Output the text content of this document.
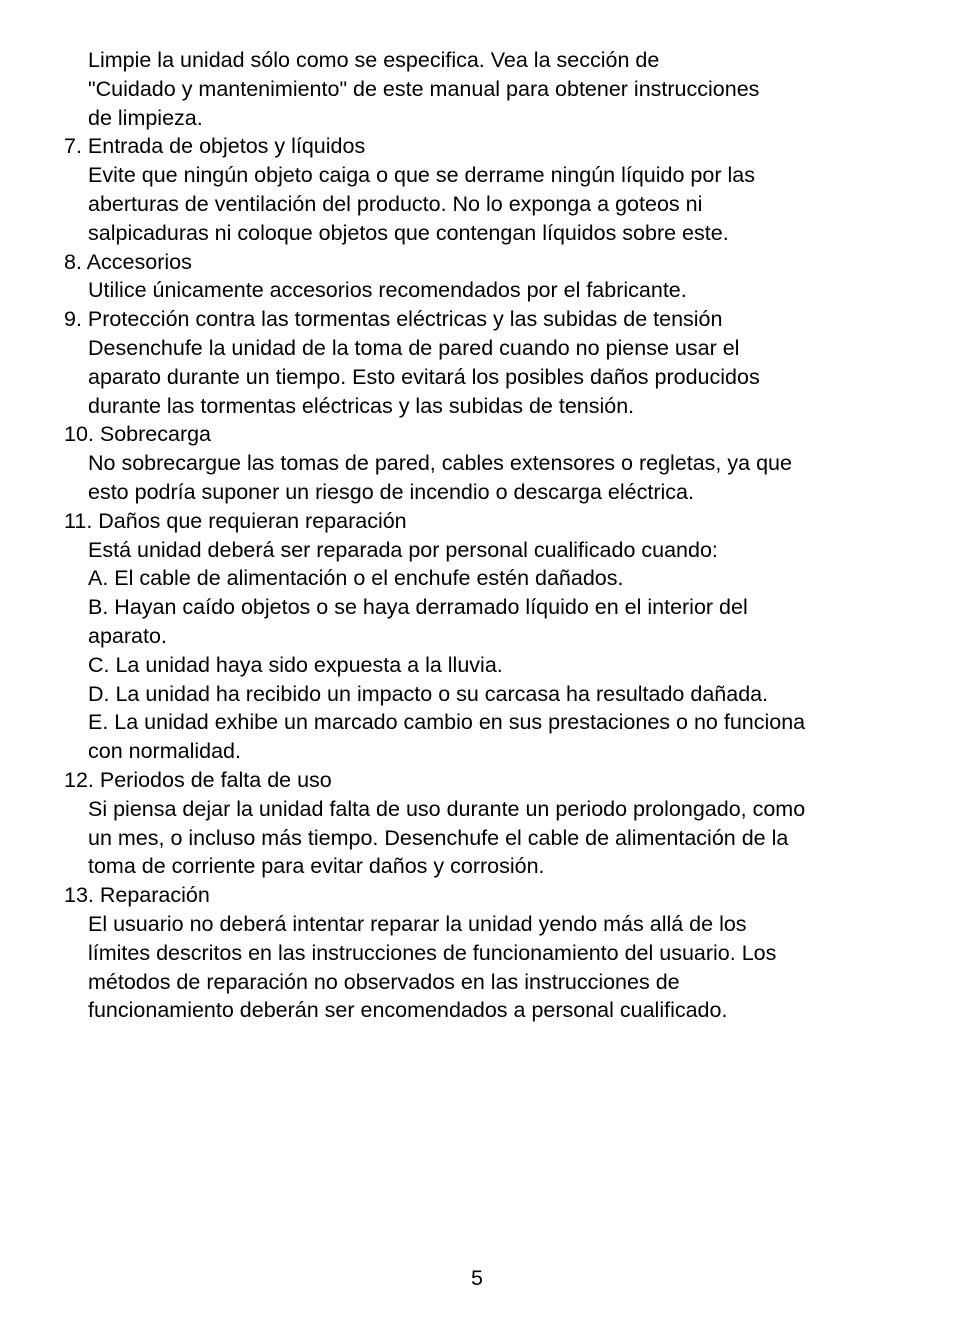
Limpie la unidad sólo como se especifica. Vea la sección de
"Cuidado y mantenimiento" de este manual para obtener instrucciones
de limpieza.
7. Entrada de objetos y líquidos
Evite que ningún objeto caiga o que se derrame ningún líquido por las
aberturas de ventilación del producto. No lo exponga a goteos ni
salpicaduras ni coloque objetos que contengan líquidos sobre este.
8. Accesorios
Utilice únicamente accesorios recomendados por el fabricante.
9. Protección contra las tormentas eléctricas y las subidas de tensión
Desenchufe la unidad de la toma de pared cuando no piense usar el
aparato durante un tiempo. Esto evitará los posibles daños producidos
durante las tormentas eléctricas y las subidas de tensión.
10. Sobrecarga
No sobrecargue las tomas de pared, cables extensores o regletas, ya que
esto podría suponer un riesgo de incendio o descarga eléctrica.
11. Daños que requieran reparación
Está unidad deberá ser reparada por personal cualificado cuando:
A. El cable de alimentación o el enchufe estén dañados.
B. Hayan caído objetos o se haya derramado líquido en el interior del
aparato.
C. La unidad haya sido expuesta a la lluvia.
D. La unidad ha recibido un impacto o su carcasa ha resultado dañada.
E. La unidad exhibe un marcado cambio en sus prestaciones o no funciona
con normalidad.
12. Periodos de falta de uso
Si piensa dejar la unidad falta de uso durante un periodo prolongado, como
un mes, o incluso más tiempo. Desenchufe el cable de alimentación de la
toma de corriente para evitar daños y corrosión.
13. Reparación
El usuario no deberá intentar reparar la unidad yendo más allá de los
límites descritos en las instrucciones de funcionamiento del usuario. Los
métodos de reparación no observados en las instrucciones de
funcionamiento deberán ser encomendados a personal cualificado.
5
